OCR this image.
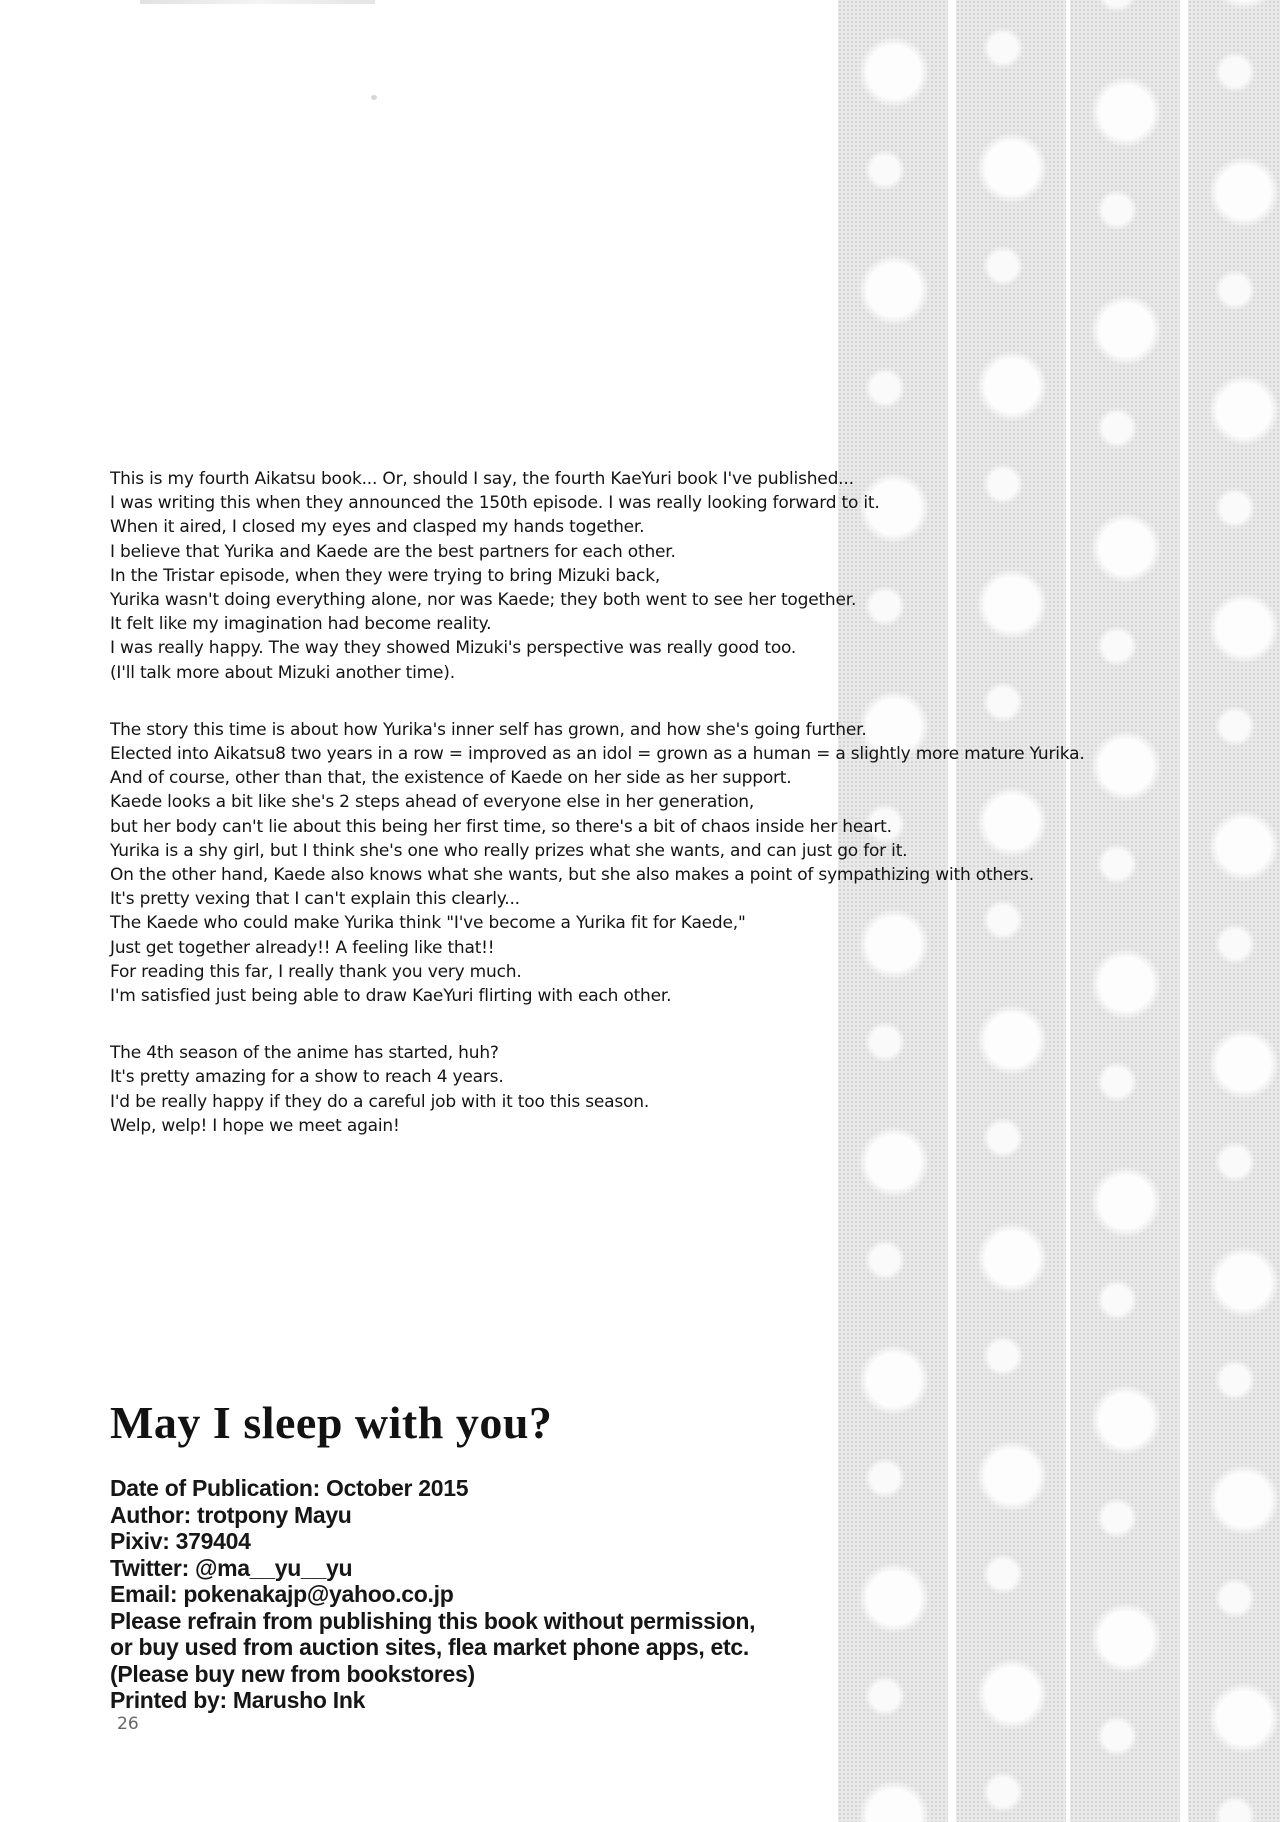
This is my fourth Aikatsu book... Or, should I say, the fourth KaeYuri book I've published...
I was writing this when they announced the 150th episode. I was really looking forward to it.
When it aired, I closed my eyes and clasped my hands together.
I believe that Yurika and Kaede are the best partners for each other.
In the Tristar episode, when they were trying to bring Mizuki back,
Yurika wasn't doing everything alone, nor was Kaede; they both went to see her together.
It felt like my imagination had become reality.
I was really happy. The way they showed Mizuki's perspective was really good too.
(I'll talk more about Mizuki another time).
The story this time is about how Yurika's inner self has grown, and how she's going further.
Elected into Aikatsu8 two years in a row = improved as an idol = grown as a human = a slightly more mature Yurika.
And of course, other than that, the existence of Kaede on her side as her support.
Kaede looks a bit like she's 2 steps ahead of everyone else in her generation,
but her body can't lie about this being her first time, so there's a bit of chaos inside her heart.
Yurika is a shy girl, but I think she's one who really prizes what she wants, and can just go for it.
On the other hand, Kaede also knows what she wants, but she also makes a point of sympathizing with others.
It's pretty vexing that I can't explain this clearly...
The Kaede who could make Yurika think "I've become a Yurika fit for Kaede,"
Just get together already!! A feeling like that!!
For reading this far, I really thank you very much.
I'm satisfied just being able to draw KaeYuri flirting with each other.
The 4th season of the anime has started, huh?
It's pretty amazing for a show to reach 4 years.
I'd be really happy if they do a careful job with it too this season.
Welp, welp! I hope we meet again!
May I sleep with you?
Date of Publication: October 2015
Author: trotpony Mayu
Pixiv: 379404
Twitter: @ma__yu__yu
Email: pokenakajp@yahoo.co.jp
Please refrain from publishing this book without permission,
or buy used from auction sites, flea market phone apps, etc.
(Please buy new from bookstores)
Printed by: Marusho Ink
26
